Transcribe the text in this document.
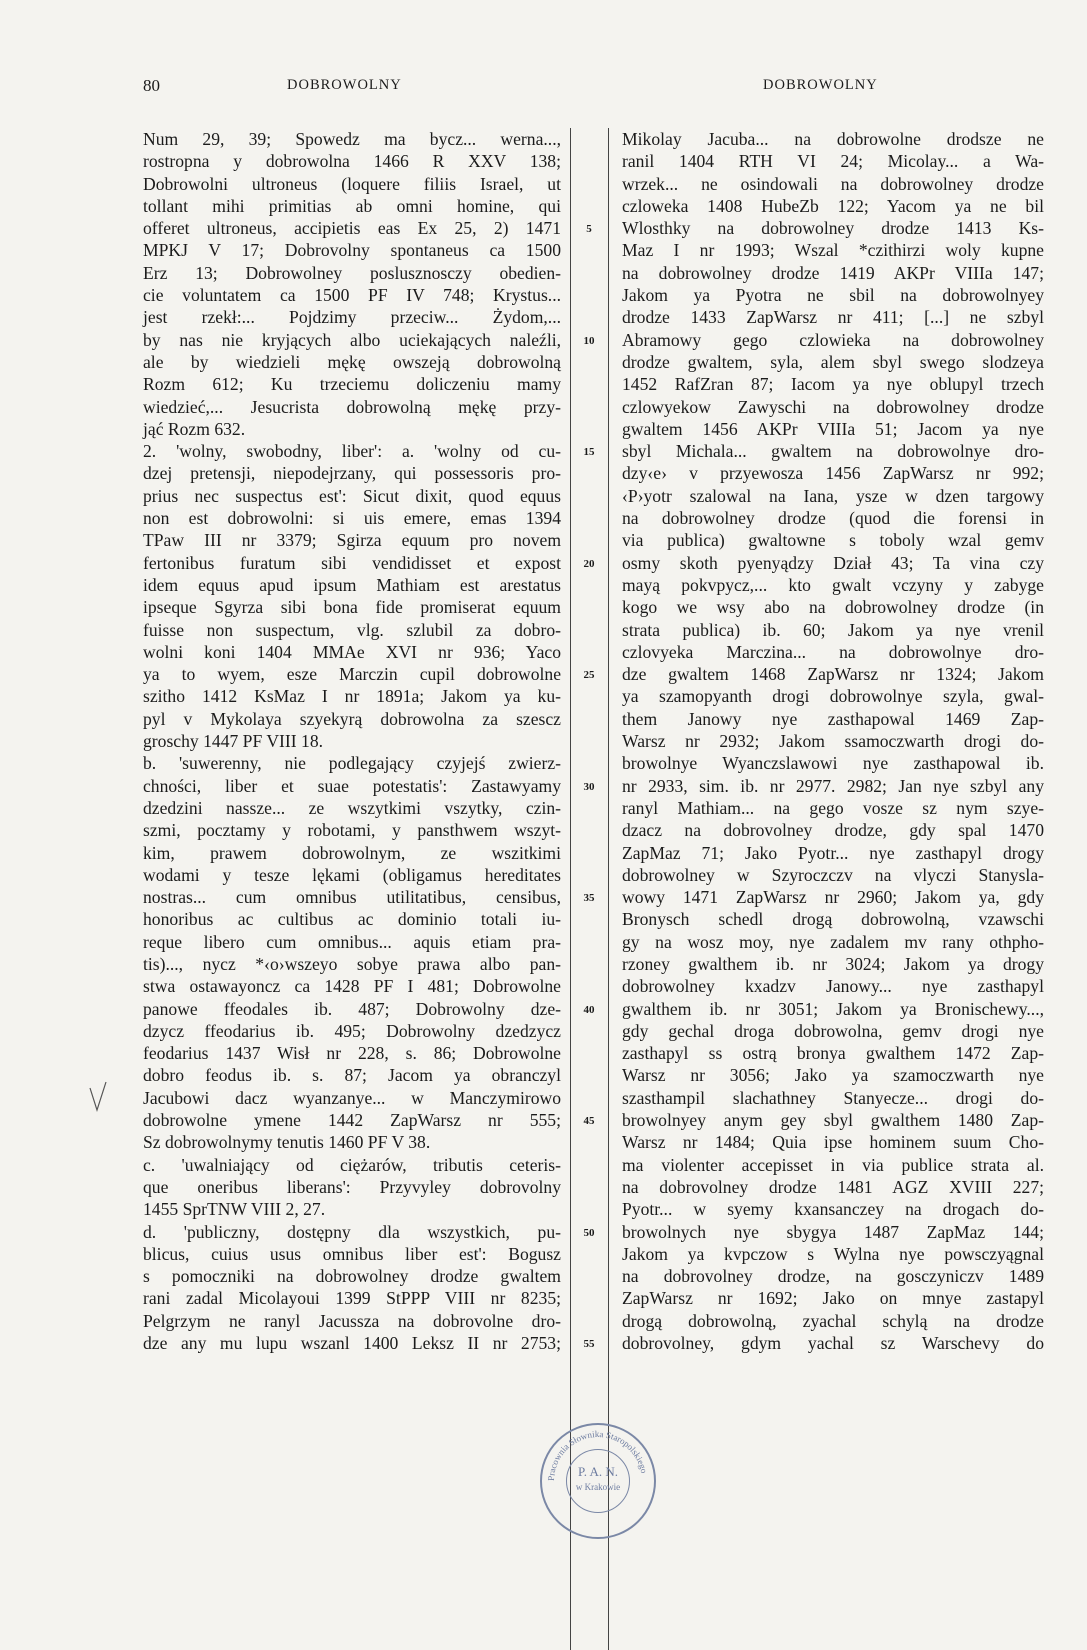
80	DOBROWOLNY	DOBROWOLNY
Num 29, 39; Spowedz ma bycz... werna...,
rostropna y dobrowolna 1466 R XXV 138;
Dobrowolni ultroneus (loquere filiis Israel, ut
tollant mihi primitias ab omni homine, qui
offeret ultroneus, accipietis eas Ex 25, 2) 1471
MPKJ V 17; Dobrovolny spontaneus ca 1500
Erz 13; Dobrowolney poslusznosczy obedien-
cie voluntatem ca 1500 PF IV 748; Krystus...
jest rzekł:... Pojdzimy przeciw... Żydom,...
by nas nie kryjących albo uciekających naleźli,
ale by wiedzieli mękę owszeją dobrowolną
Rozm 612; Ku trzeciemu doliczeniu mamy
wiedzieć,... Jesucrista dobrowolną mękę przy-
jąć Rozm 632.
2. 'wolny, swobodny, liber': a. 'wolny od cu-
dzej pretensji, niepodejrzany, qui possessoris pro-
prius nec suspectus est': Sicut dixit, quod equus
non est dobrowolni: si uis emere, emas 1394
TPaw III nr 3379; Sgirza equum pro novem
fertonibus furatum sibi vendidisset et expost
idem equus apud ipsum Mathiam est arestatus
ipseque Sgyrza sibi bona fide promiserat equum
fuisse non suspectum, vlg. szlubil za dobro-
wolni koni 1404 MMAe XVI nr 936; Yaco
ya to wyem, esze Marczin cupil dobrowolne
szitho 1412 KsMaz I nr 1891a; Jakom ya ku-
pyl v Mykolaya szyekyrą dobrowolna za szescz
groschy 1447 PF VIII 18.
b. 'suwerenny, nie podlegający czyjejś zwierz-
chności, liber et suae potestatis': Zastawyamy
dzedzini nassze... ze wszytkimi vszytky, czin-
szmi, pocztamy y robotami, y pansthwem wszyt-
kim, prawem dobrowolnym, ze wszitkimi
wodami y tesze lękami (obligamus hereditates
nostras... cum omnibus utilitatibus, censibus,
honoribus ac cultibus ac dominio totali iu-
reque libero cum omnibus... aquis etiam pra-
tis)..., nycz *‹o›wszeyo sobye prawa albo pan-
stwa ostawayoncz ca 1428 PF I 481; Dobrowolne
panowe ffeodales ib. 487; Dobrowolny dze-
dzycz ffeodarius ib. 495; Dobrowolny dzedzycz
feodarius 1437 Wisł nr 228, s. 86; Dobrowolne
dobro feodus ib. s. 87; Jacom ya obranczyl
Jacubowi dacz wyanzanye... w Manczymirowo
dobrowolne ymene 1442 ZapWarsz nr 555;
Sz dobrowolnymy tenutis 1460 PF V 38.
c. 'uwalniający od ciężarów, tributis ceteris-
que oneribus liberans': Przyvyley dobrovolny
1455 SprTNW VIII 2, 27.
d. 'publiczny, dostępny dla wszystkich, pu-
blicus, cuius usus omnibus liber est': Bogusz
s pomoczniki na dobrowolney drodze gwaltem
rani zadal Micolayoui 1399 StPPP VIII nr 8235;
Pelgrzym ne ranyl Jacussza na dobrovolne dro-
dze any mu lupu wszanl 1400 Leksz II nr 2753;
5
10
15
20
25
30
35
40
45
50
55
Mikolay Jacuba... na dobrowolne drodsze ne
ranil 1404 RTH VI 24; Micolay... a Wa-
wrzek... ne osindowali na dobrowolney drodze
czloweka 1408 HubeZb 122; Yacom ya ne bil
Wlosthky na dobrowolney drodze 1413 Ks-
Maz I nr 1993; Wszal *czithirzi woly kupne
na dobrowolney drodze 1419 AKPr VIIIa 147;
Jakom ya Pyotra ne sbil na dobrowolnyey
drodze 1433 ZapWarsz nr 411; [...] ne szbyl
Abramowy gego czlowieka na dobrowolney
drodze gwaltem, syla, alem sbyl swego slodzeya
1452 RafZran 87; Iacom ya nye oblupyl trzech
czlowyekow Zawyschi na dobrowolney drodze
gwaltem 1456 AKPr VIIIa 51; Jacom ya nye
sbyl Michala... gwaltem na dobrowolnye dro-
dzy‹e› v przyewosza 1456 ZapWarsz nr 992;
‹P›yotr szalowal na Iana, ysze w dzen targowy
na dobrowolney drodze (quod die forensi in
via publica) gwaltowne s toboly wzal gemv
osmy skoth pyenyądzy Dział 43; Ta vina czy
mayą pokvpycz,... kto gwalt vczyny y zabyge
kogo we wsy abo na dobrowolney drodze (in
strata publica) ib. 60; Jakom ya nye vrenil
czlovyeka Marczina... na dobrowolnye dro-
dze gwaltem 1468 ZapWarsz nr 1324; Jakom
ya szamopyanth drogi dobrowolnye szyla, gwal-
them Janowy nye zasthapowal 1469 Zap-
Warsz nr 2932; Jakom ssamoczwarth drogi do-
browolnye Wyanczslawowi nye zasthapowal ib.
nr 2933, sim. ib. nr 2977. 2982; Jan nye szbyl any
ranyl Mathiam... na gego vosze sz nym szye-
dzacz na dobrovolney drodze, gdy spal 1470
ZapMaz 71; Jako Pyotr... nye zasthapyl drogy
dobrowolney w Szyroczczv na vlyczi Stanysla-
wowy 1471 ZapWarsz nr 2960; Jakom ya, gdy
Bronysch schedl drogą dobrowolną, vzawschi
gy na wosz moy, nye zadalem mv rany othpho-
rzoney gwalthem ib. nr 3024; Jakom ya drogy
dobrowolney kxadzv Janowy... nye zasthapyl
gwalthem ib. nr 3051; Jakom ya Bronischewy...,
gdy gechal droga dobrowolna, gemv drogi nye
zasthapyl ss ostrą bronya gwalthem 1472 Zap-
Warsz nr 3056; Jako ya szamoczwarth nye
szasthampil slachathney Stanyecze... drogi do-
browolnyey anym gey sbyl gwalthem 1480 Zap-
Warsz nr 1484; Quia ipse hominem suum Cho-
ma violenter accepisset in via publice strata al.
na dobrovolney drodze 1481 AGZ XVIII 227;
Pyotr... w syemy kxansanczey na drogach do-
browolnych nye sbygya 1487 ZapMaz 144;
Jakom ya kvpczow s Wylna nye powsczyągnal
na dobrovolney drodze, na gosczyniczv 1489
ZapWarsz nr 1692; Jako on mnye zastapyl
drogą dobrowolną, zyachal schylą na drodze
dobrovolney, gdym yachal sz Warschevy do
Pracownia Słownika Staropolskiego
P. A. N.
w Krakowie
